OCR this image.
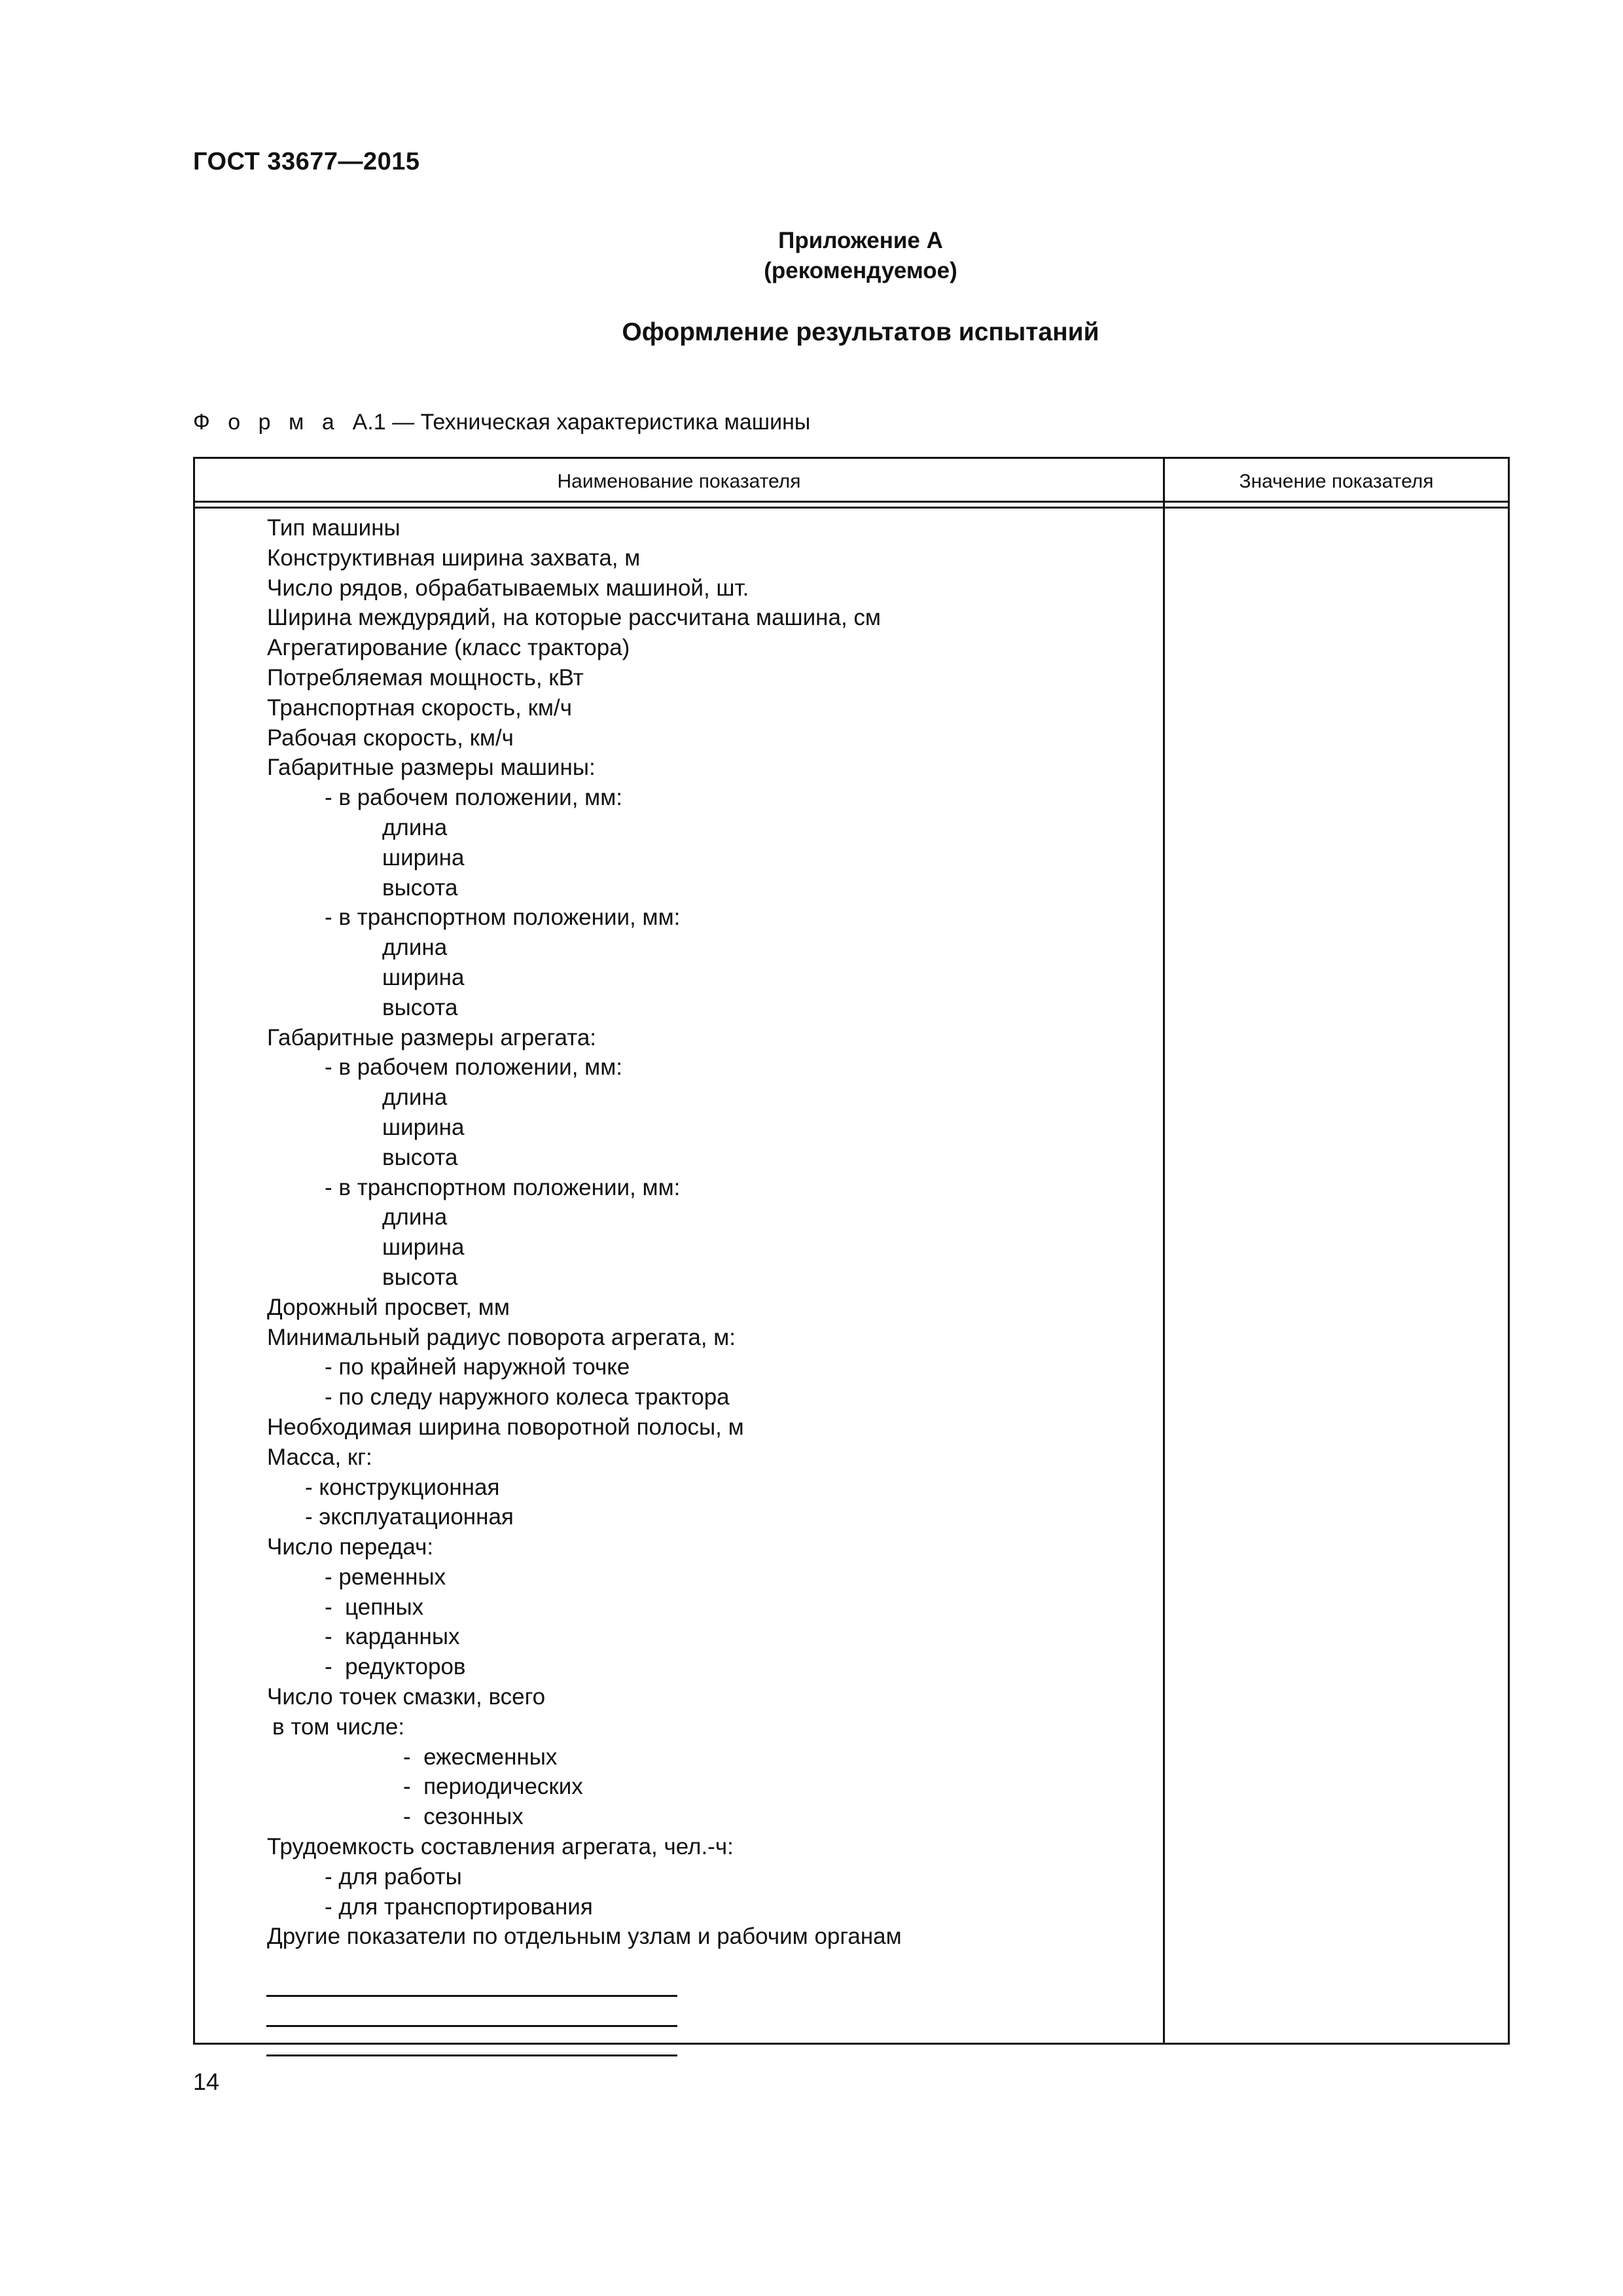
ГОСТ 33677—2015
Приложение А
(рекомендуемое)
Оформление результатов испытаний
Ф о р м а  А.1 — Техническая характеристика машины
Наименование показателя	Значение показателя
Тип машины
Конструктивная ширина захвата, м
Число рядов, обрабатываемых машиной, шт.
Ширина междурядий, на которые рассчитана машина, см
Агрегатирование (класс трактора)
Потребляемая мощность, кВт
Транспортная скорость, км/ч
Рабочая скорость, км/ч
Габаритные размеры машины:
- в рабочем положении, мм:
длина
ширина
высота
- в транспортном положении, мм:
длина
ширина
высота
Габаритные размеры агрегата:
- в рабочем положении, мм:
длина
ширина
высота
- в транспортном положении, мм:
длина
ширина
высота
Дорожный просвет, мм
Минимальный радиус поворота агрегата, м:
- по крайней наружной точке
- по следу наружного колеса трактора
Необходимая ширина поворотной полосы, м
Масса, кг:
- конструкционная
- эксплуатационная
Число передач:
- ременных
-  цепных
-  карданных
-  редукторов
Число точек смазки, всего
в том числе:
-  ежесменных
-  периодических
-  сезонных
Трудоемкость составления агрегата, чел.-ч:
- для работы
- для транспортирования
Другие показатели по отдельным узлам и рабочим органам
14
